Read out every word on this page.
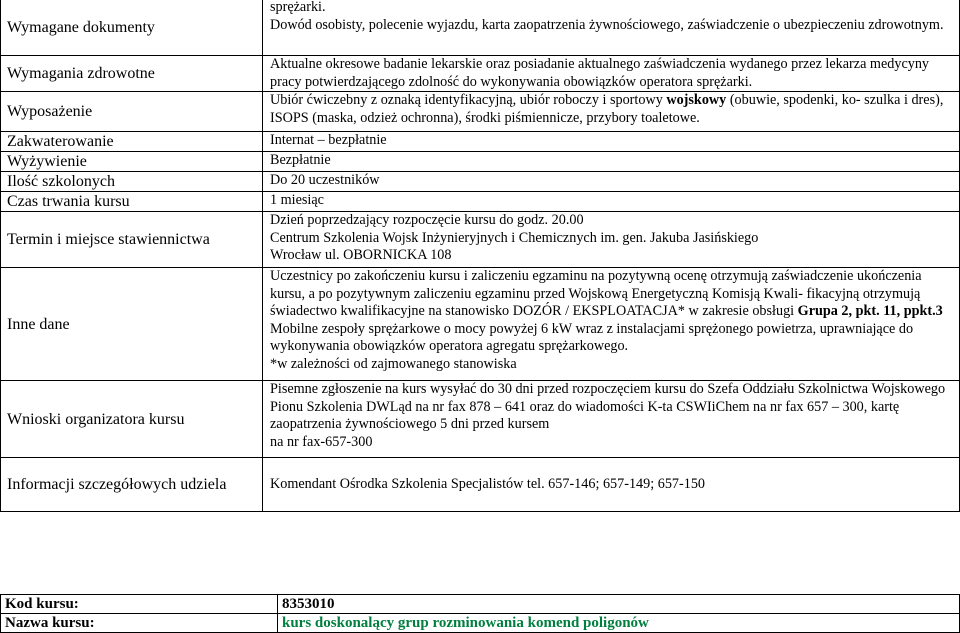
Wymagane dokumenty	sprężarki.
Dowód osobisty, polecenie wyjazdu, karta zaopatrzenia żywnościowego, zaświadczenie o ubezpieczeniu zdrowotnym.

Wymagania zdrowotne	Aktualne okresowe badanie lekarskie oraz posiadanie aktualnego zaświadczenia wydanego przez lekarza medycyny pracy potwierdzającego zdolność do wykonywania obowiązków operatora sprężarki.
Wyposażenie	Ubiór ćwiczebny z oznaką identyfikacyjną, ubiór roboczy i sportowy wojskowy (obuwie, spodenki, ko- szulka i dres), ISOPS (maska, odzież ochronna), środki piśmiennicze, przybory toaletowe.
Zakwaterowanie	Internat – bezpłatnie
Wyżywienie	Bezpłatnie
Ilość szkolonych	Do 20 uczestników
Czas trwania kursu	1 miesiąc
Termin i miejsce stawiennictwa	Dzień poprzedzający rozpoczęcie kursu do godz. 20.00
Centrum Szkolenia Wojsk Inżynieryjnych i Chemicznych im. gen. Jakuba Jasińskiego
Wrocław ul. OBORNICKA 108

Inne dane	Uczestnicy po zakończeniu kursu i zaliczeniu egzaminu na pozytywną ocenę otrzymują zaświadczenie ukończenia kursu, a po pozytywnym zaliczeniu egzaminu przed Wojskową Energetyczną Komisją Kwali- fikacyjną otrzymują świadectwo kwalifikacyjne na stanowisko DOZÓR / EKSPLOATACJA* w zakresie obsługi Grupa 2, pkt. 11, ppkt.3 Mobilne zespoły sprężarkowe o mocy powyżej 6 kW wraz z instalacjami sprężonego powietrza, uprawniające do wykonywania obowiązków operatora agregatu sprężarkowego.
*w zależności od zajmowanego stanowiska

Wnioski organizatora kursu	Pisemne zgłoszenie na kurs wysyłać do 30 dni przed rozpoczęciem kursu do Szefa Oddziału Szkolnictwa Wojskowego Pionu Szkolenia DWLąd na nr fax 878 – 641 oraz do wiadomości K-ta CSWIiChem na nr fax 657 – 300, kartę zaopatrzenia żywnościowego 5 dni przed kursem
na nr fax-657-300

Informacji szczegółowych udziela	Komendant Ośrodka Szkolenia Specjalistów tel. 657-146; 657-149; 657-150
Kod kursu:	8353010
Nazwa kursu:	kurs doskonalący grup rozminowania komend poligonów
